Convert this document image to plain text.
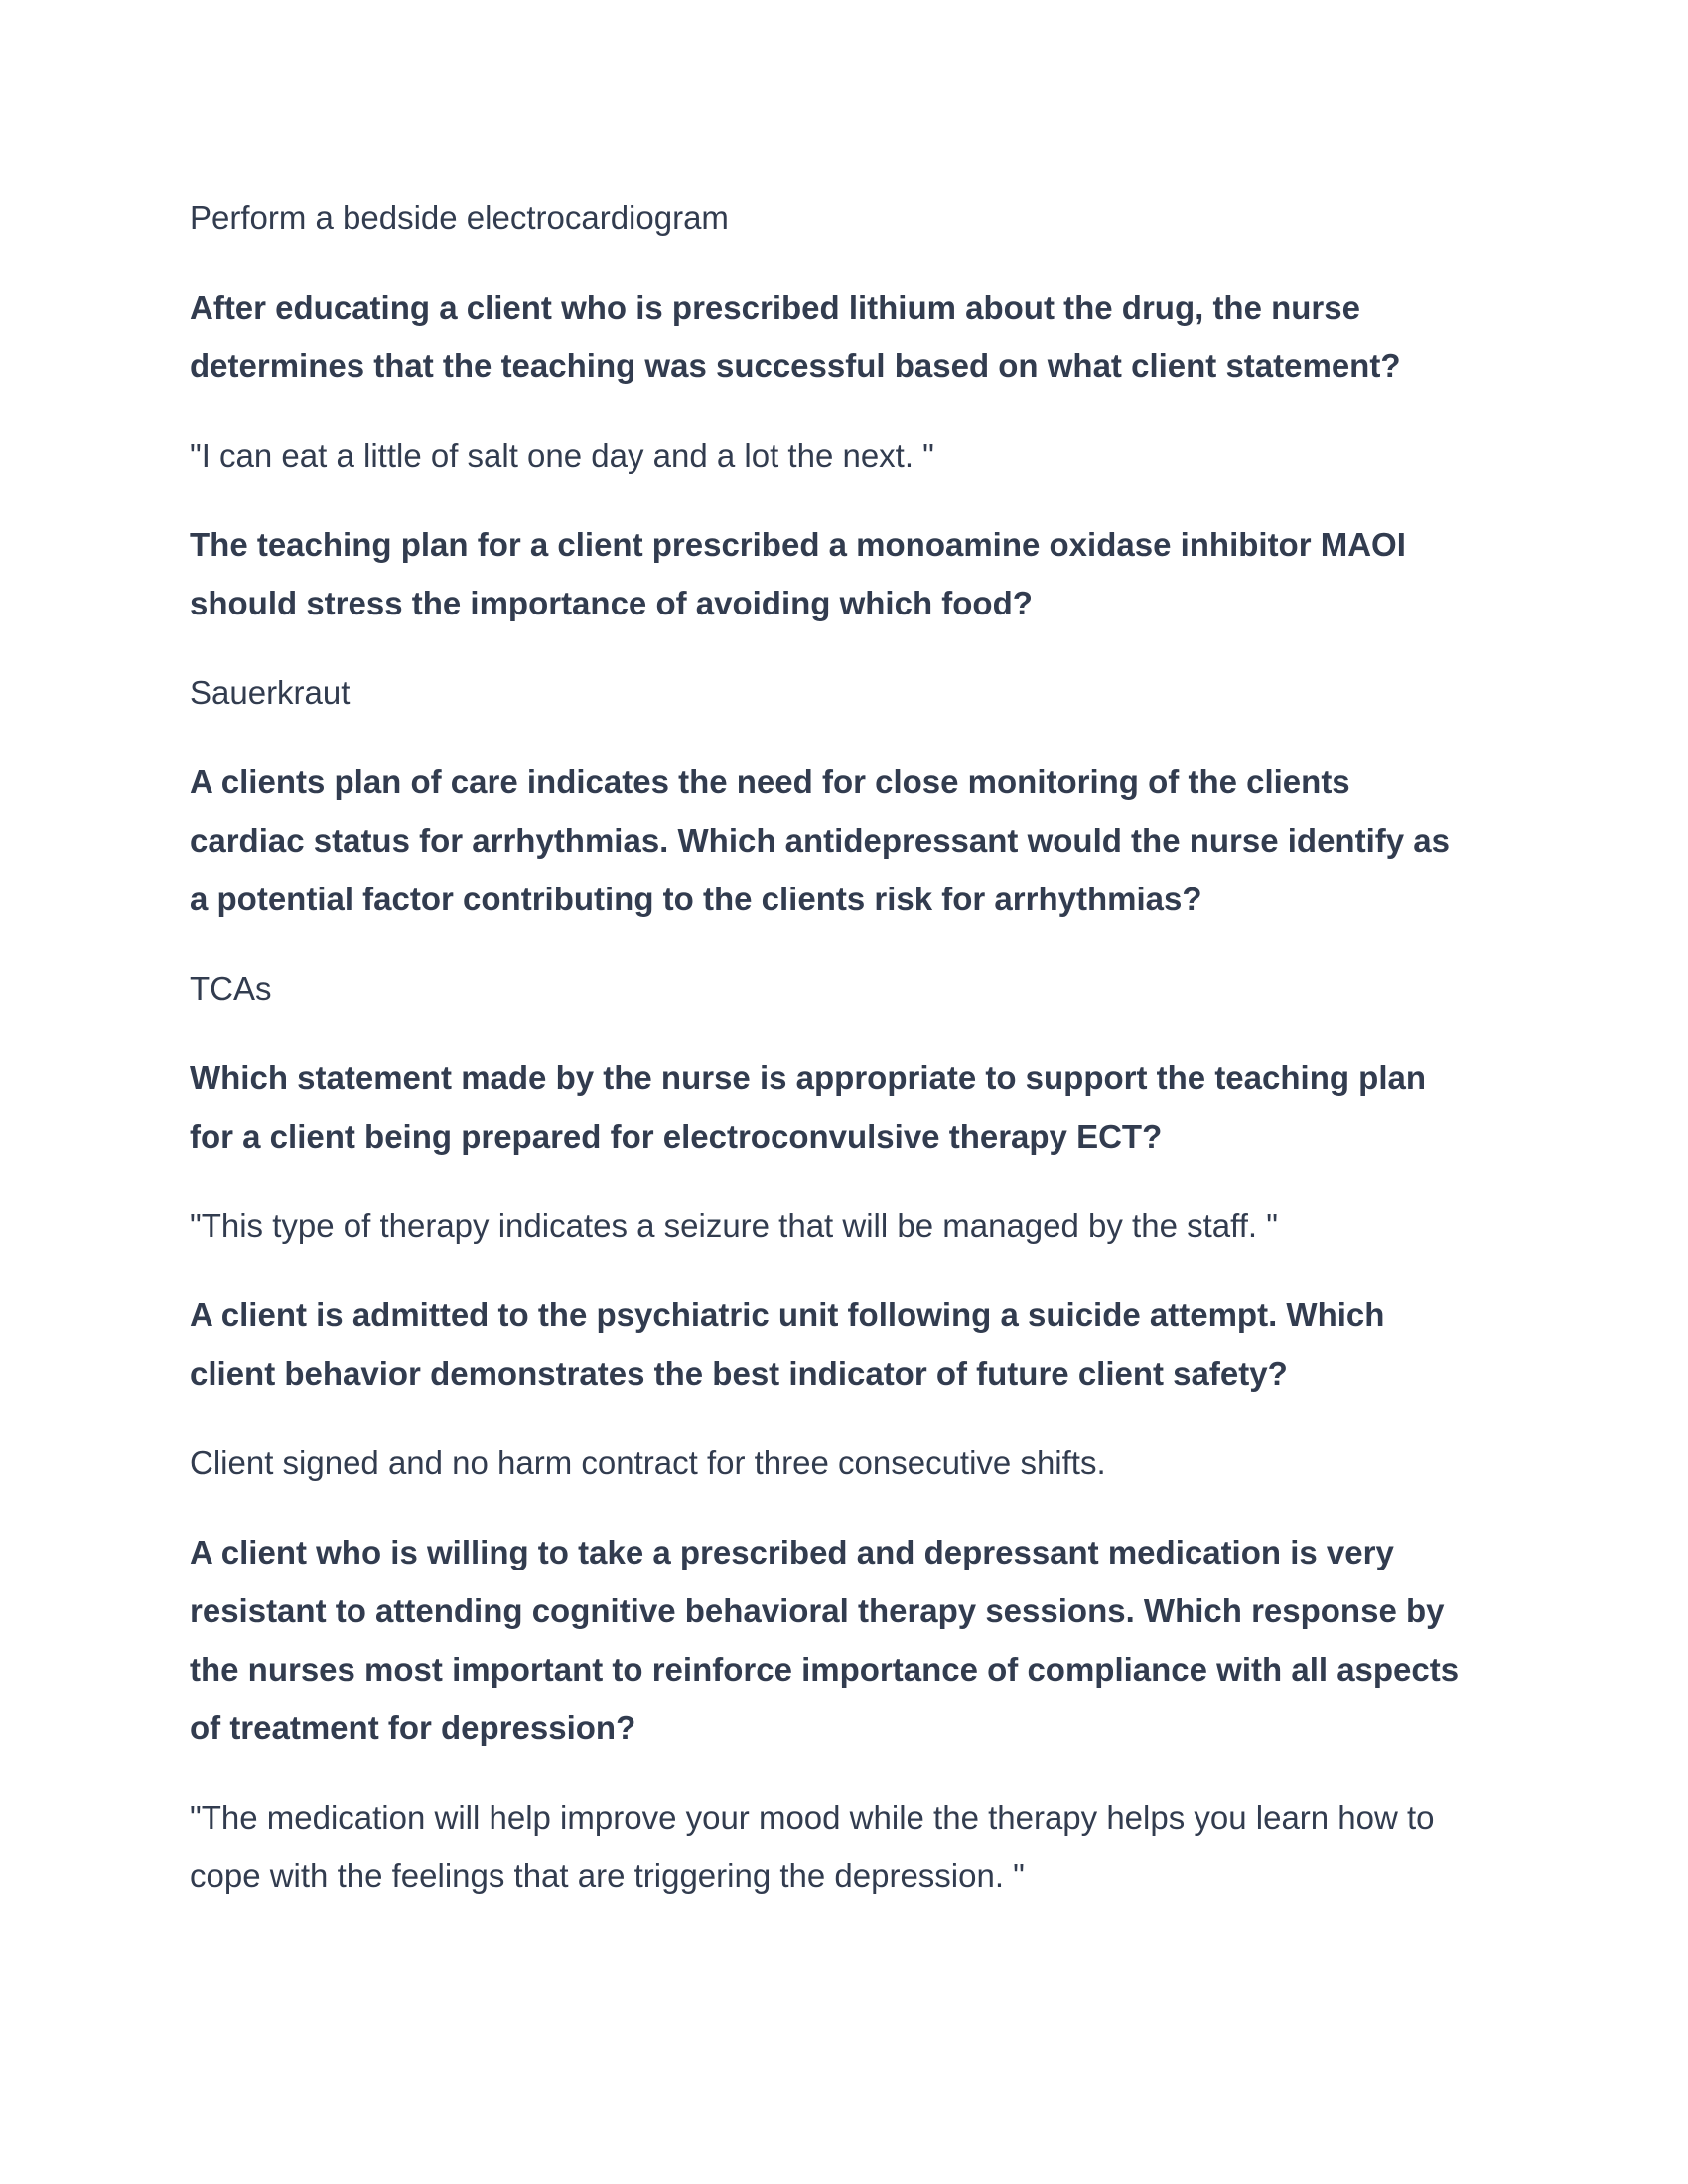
Perform a bedside electrocardiogram

After educating a client who is prescribed lithium about the drug, the nurse
determines that the teaching was successful based on what client statement?

"I can eat a little of salt one day and a lot the next. "

The teaching plan for a client prescribed a monoamine oxidase inhibitor MAOI
should stress the importance of avoiding which food?

Sauerkraut

A clients plan of care indicates the need for close monitoring of the clients
cardiac status for arrhythmias. Which antidepressant would the nurse identify as
a potential factor contributing to the clients risk for arrhythmias?

TCAs

Which statement made by the nurse is appropriate to support the teaching plan
for a client being prepared for electroconvulsive therapy ECT?

"This type of therapy indicates a seizure that will be managed by the staff. "

A client is admitted to the psychiatric unit following a suicide attempt. Which
client behavior demonstrates the best indicator of future client safety?

Client signed and no harm contract for three consecutive shifts.

A client who is willing to take a prescribed and depressant medication is very
resistant to attending cognitive behavioral therapy sessions. Which response by
the nurses most important to reinforce importance of compliance with all aspects
of treatment for depression?

"The medication will help improve your mood while the therapy helps you learn how to
cope with the feelings that are triggering the depression. "
